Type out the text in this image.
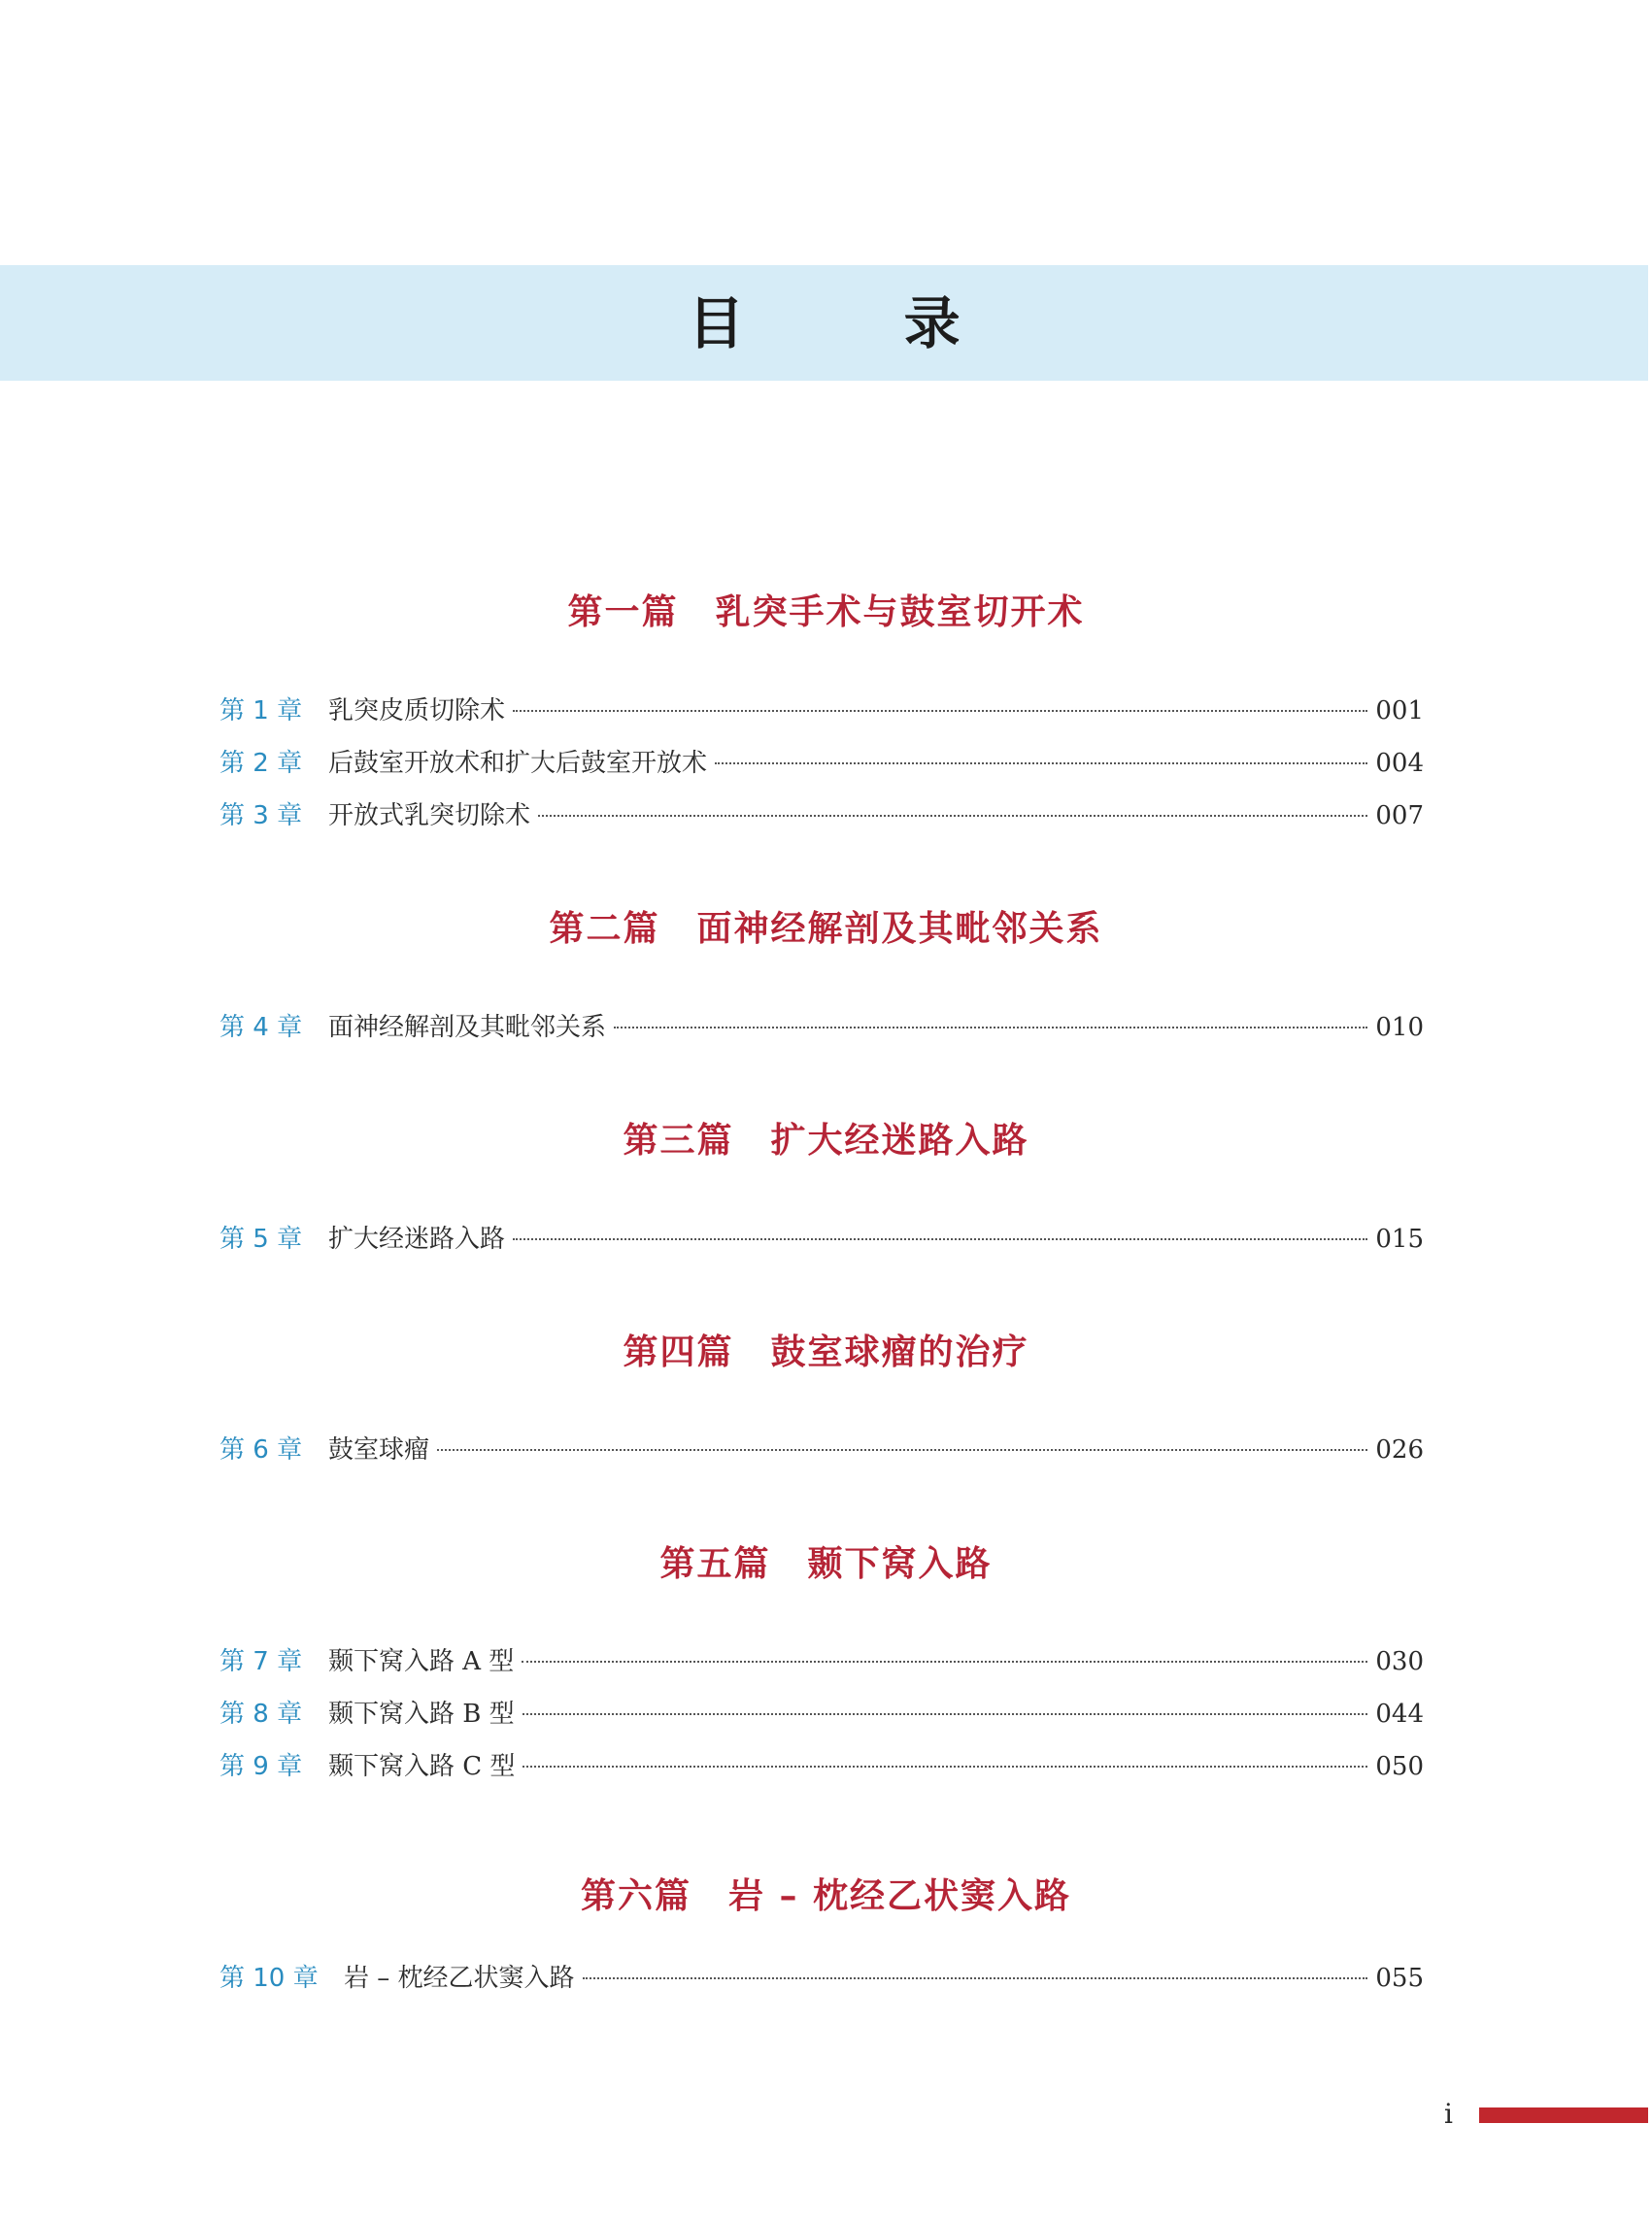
目 录
第一篇　乳突手术与鼓室切开术
第 1 章	乳突皮质切除术	001
第 2 章	后鼓室开放术和扩大后鼓室开放术	004
第 3 章	开放式乳突切除术	007
第二篇　面神经解剖及其毗邻关系
第 4 章	面神经解剖及其毗邻关系	010
第三篇　扩大经迷路入路
第 5 章	扩大经迷路入路	015
第四篇　鼓室球瘤的治疗
第 6 章	鼓室球瘤	026
第五篇　颞下窝入路
第 7 章	颞下窝入路 A 型	030
第 8 章	颞下窝入路 B 型	044
第 9 章	颞下窝入路 C 型	050
第六篇　岩 – 枕经乙状窦入路
第 10 章	岩 – 枕经乙状窦入路	055
i
